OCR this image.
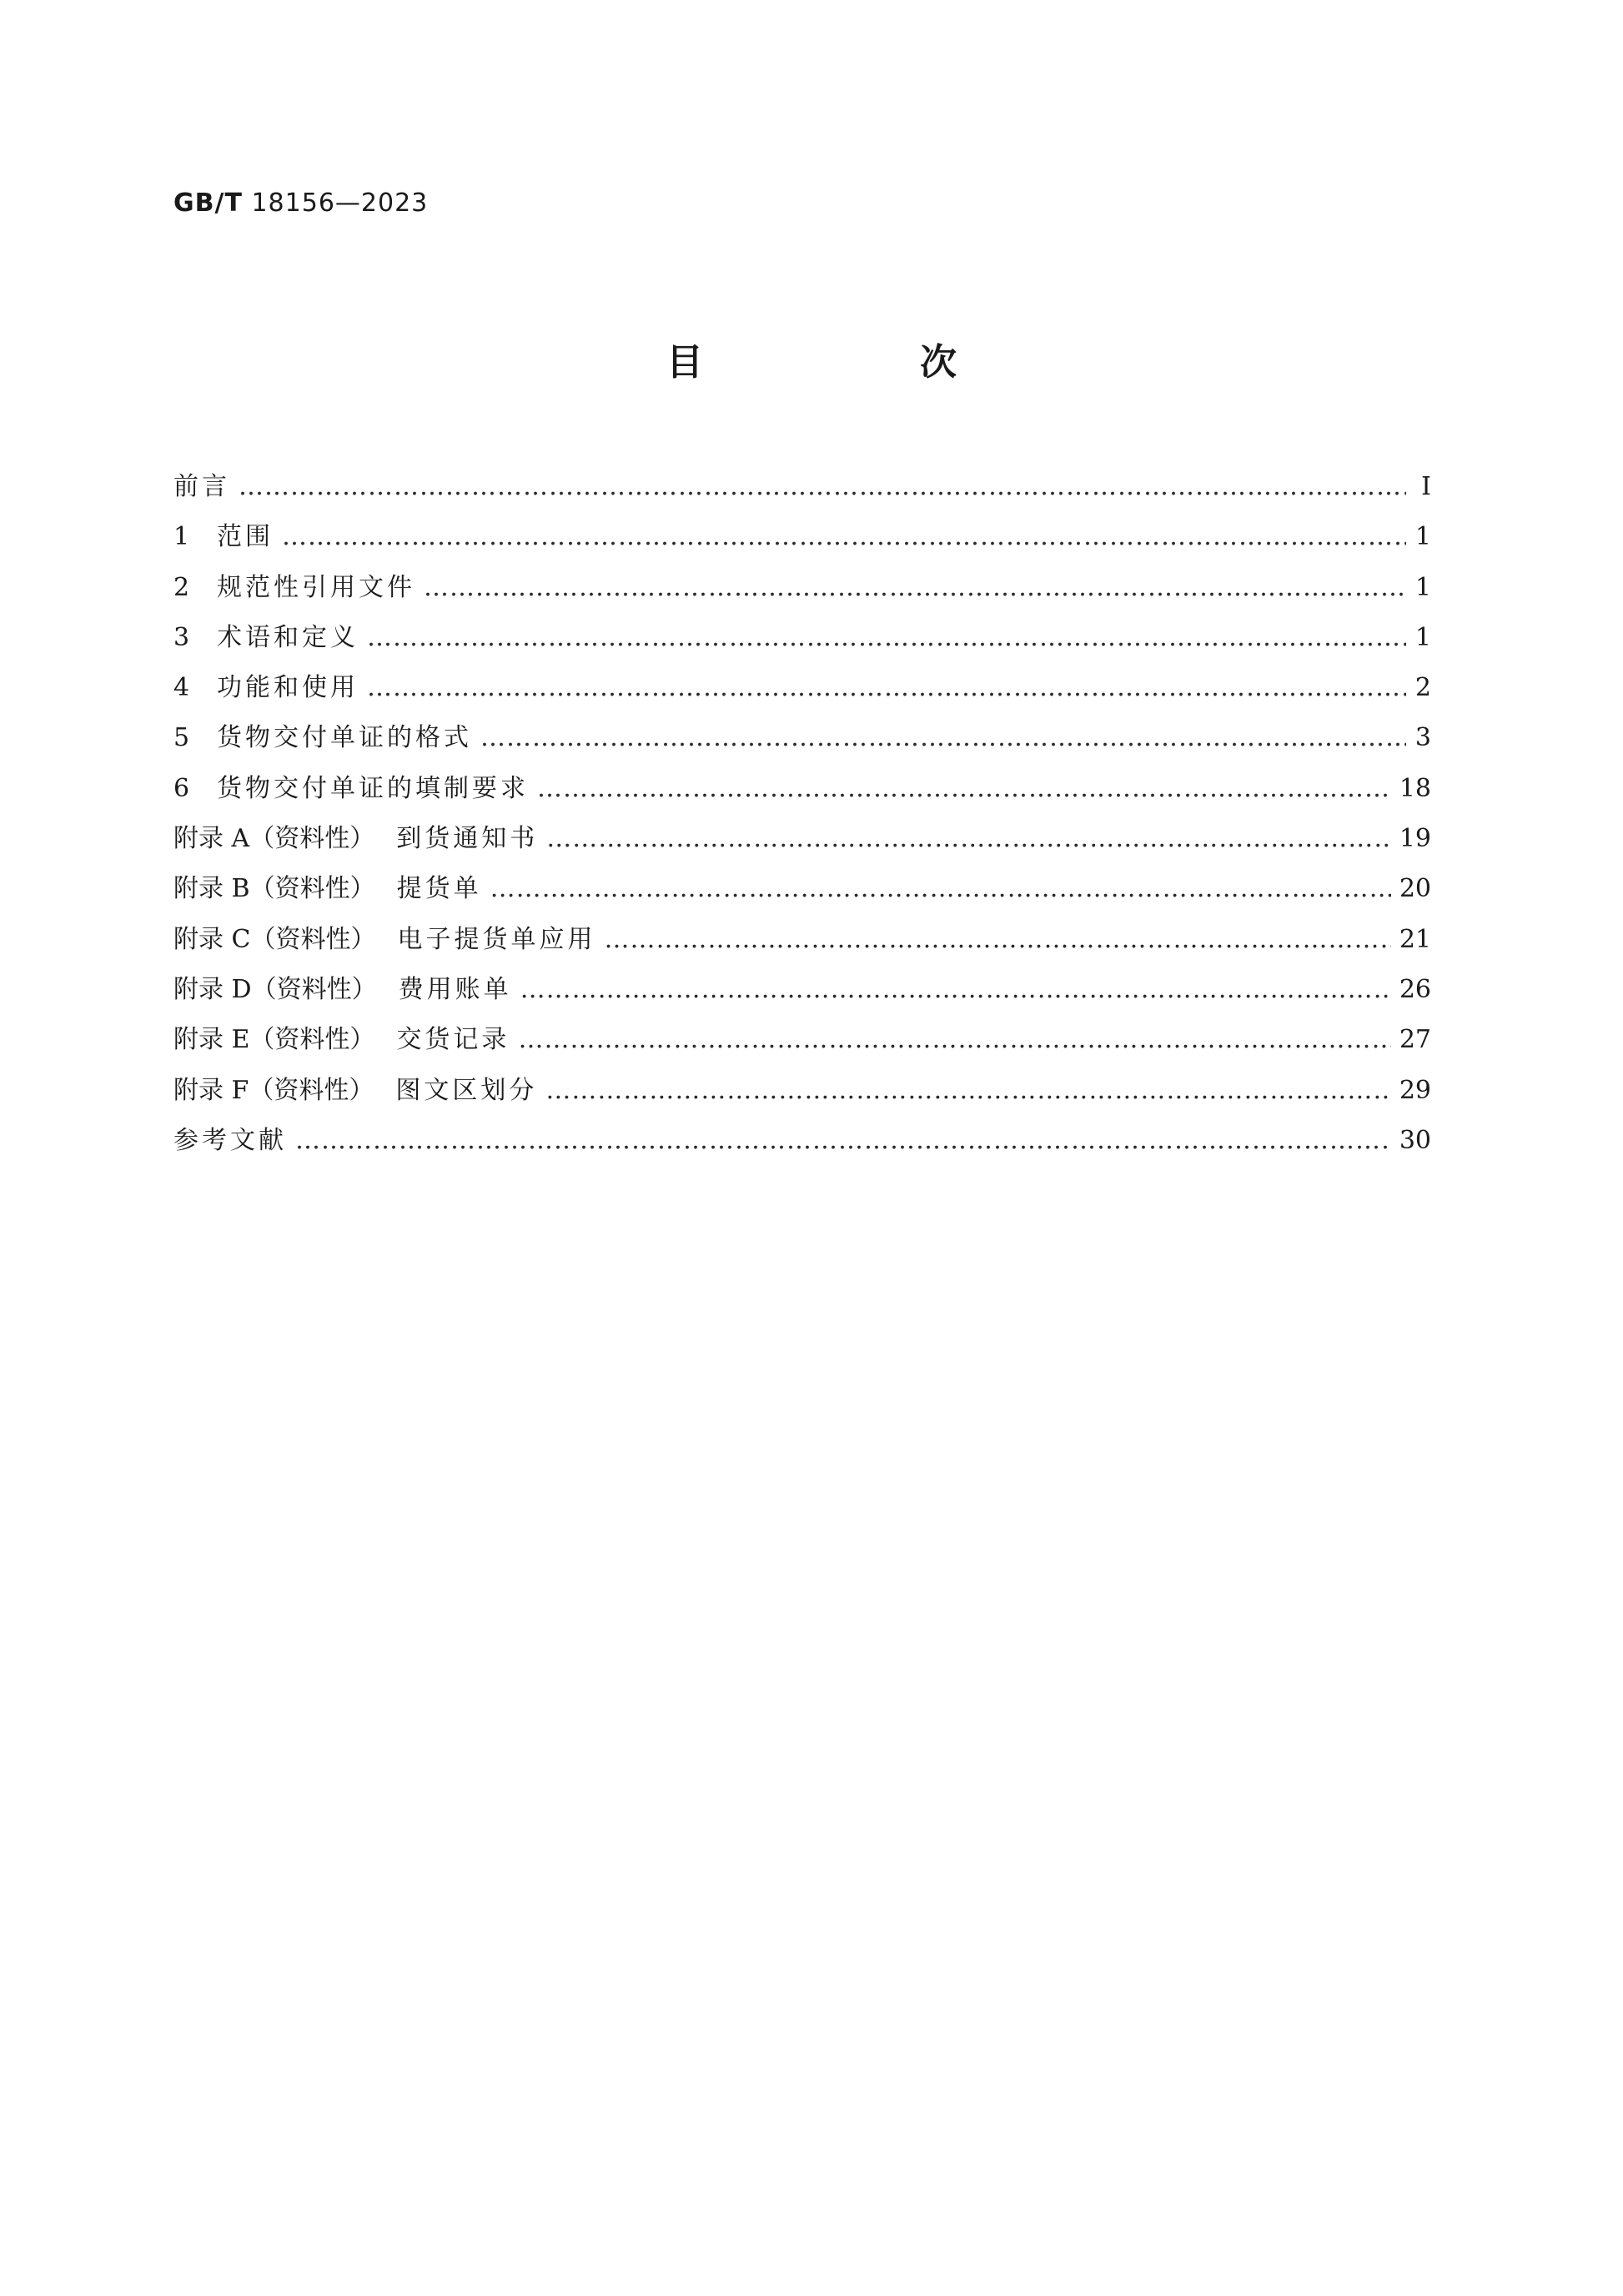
GB/T 18156—2023
目　次
前言 ……………………………………………………………………………………………………………………………………………………………………………………	Ⅰ
1	范围 ……………………………………………………………………………………………………………………………………………………………………………………	1
2	规范性引用文件 ……………………………………………………………………………………………………………………………………………………………………………………	1
3	术语和定义 ……………………………………………………………………………………………………………………………………………………………………………………	1
4	功能和使用 ……………………………………………………………………………………………………………………………………………………………………………………	2
5	货物交付单证的格式 ……………………………………………………………………………………………………………………………………………………………………………………	3
6	货物交付单证的填制要求 ……………………………………………………………………………………………………………………………………………………………………………………	18
附录 A（资料性） 到货通知书 ……………………………………………………………………………………………………………………………………………………………………………………	19
附录 B（资料性） 提货单 ……………………………………………………………………………………………………………………………………………………………………………………	20
附录 C（资料性） 电子提货单应用 ……………………………………………………………………………………………………………………………………………………………………………………	21
附录 D（资料性） 费用账单 ……………………………………………………………………………………………………………………………………………………………………………………	26
附录 E（资料性） 交货记录 ……………………………………………………………………………………………………………………………………………………………………………………	27
附录 F（资料性） 图文区划分 ……………………………………………………………………………………………………………………………………………………………………………………	29
参考文献 ……………………………………………………………………………………………………………………………………………………………………………………	30
